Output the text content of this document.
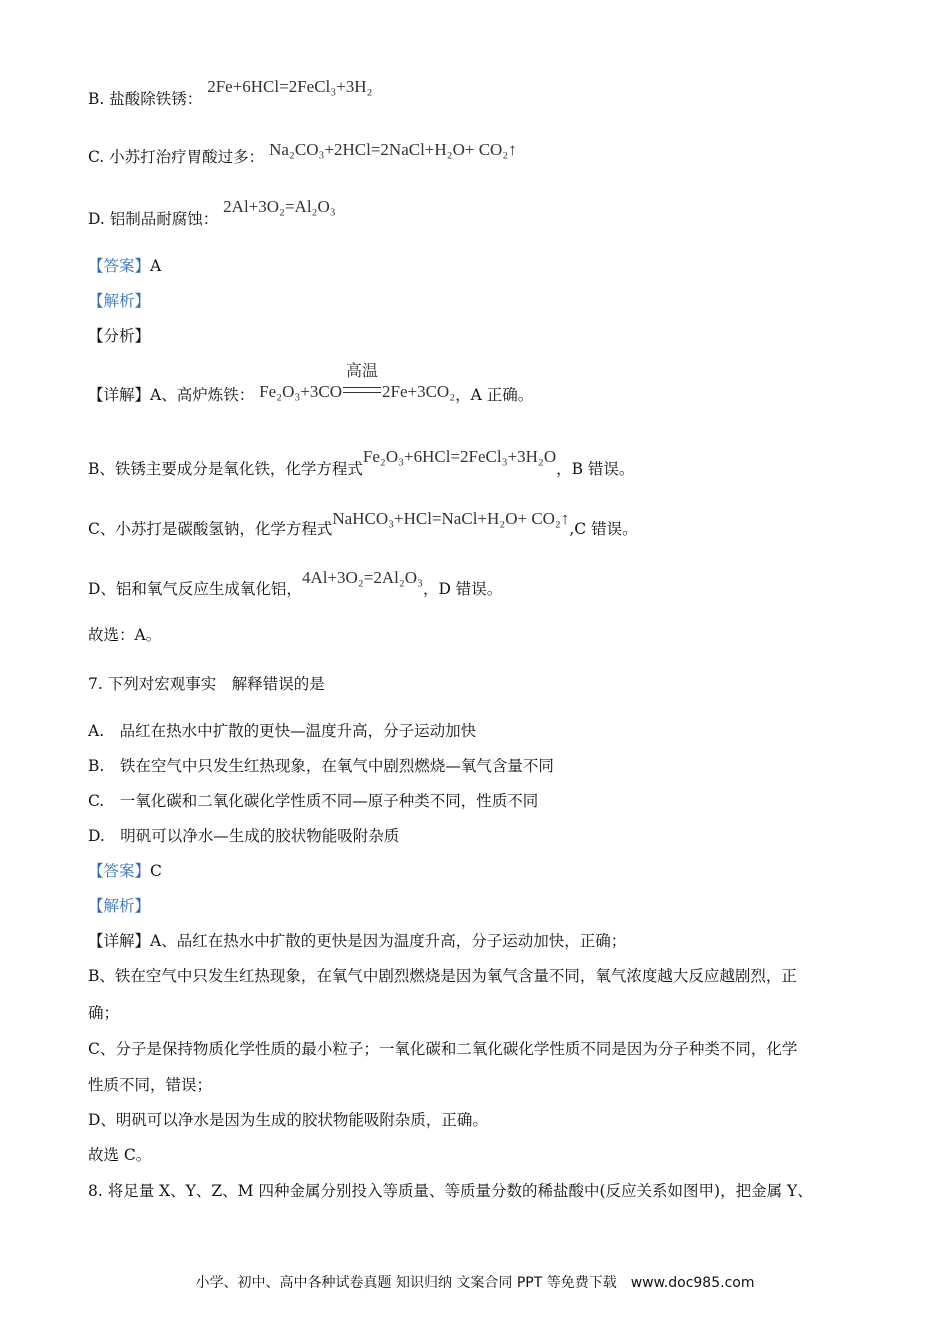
B. 盐酸除铁锈： 2Fe+6HCl=2FeCl₃+3H₂
C. 小苏打治疗胃酸过多： Na₂CO₃+2HCl=2NaCl+H₂O+ CO₂↑
D. 铝制品耐腐蚀： 2Al+3O₂=Al₂O₃
【答案】A
【解析】
【分析】
【详解】A、高炉炼铁： Fe₂O₃+3CO
高温
2Fe+3CO₂，A 正确。
B、铁锈主要成分是氧化铁，化学方程式Fe₂O₃+6HCl=2FeCl₃+3H₂O，B 错误。
C、小苏打是碳酸氢钠，化学方程式NaHCO₃+HCl=NaCl+H₂O+ CO₂↑,C 错误。
D、铝和氧气反应生成氧化铝，4Al+3O₂=2Al₂O₃，D 错误。
故选：A。
7. 下列对宏观事实　解释错误的是
A.　品红在热水中扩散的更快—温度升高，分子运动加快
B.　铁在空气中只发生红热现象，在氧气中剧烈燃烧—氧气含量不同
C.　一氧化碳和二氧化碳化学性质不同—原子种类不同，性质不同
D.　明矾可以净水—生成的胶状物能吸附杂质
【答案】C
【解析】
【详解】A、品红在热水中扩散的更快是因为温度升高，分子运动加快，正确；
B、铁在空气中只发生红热现象，在氧气中剧烈燃烧是因为氧气含量不同，氧气浓度越大反应越剧烈，正
确；
C、分子是保持物质化学性质的最小粒子；一氧化碳和二氧化碳化学性质不同是因为分子种类不同，化学
性质不同，错误；
D、明矾可以净水是因为生成的胶状物能吸附杂质，正确。
故选 C。
8. 将足量 X、Y、Z、M 四种金属分别投入等质量、等质量分数的稀盐酸中(反应关系如图甲)，把金属 Y、
小学、初中、高中各种试卷真题 知识归纳 文案合同 PPT 等免费下载　www.doc985.com
